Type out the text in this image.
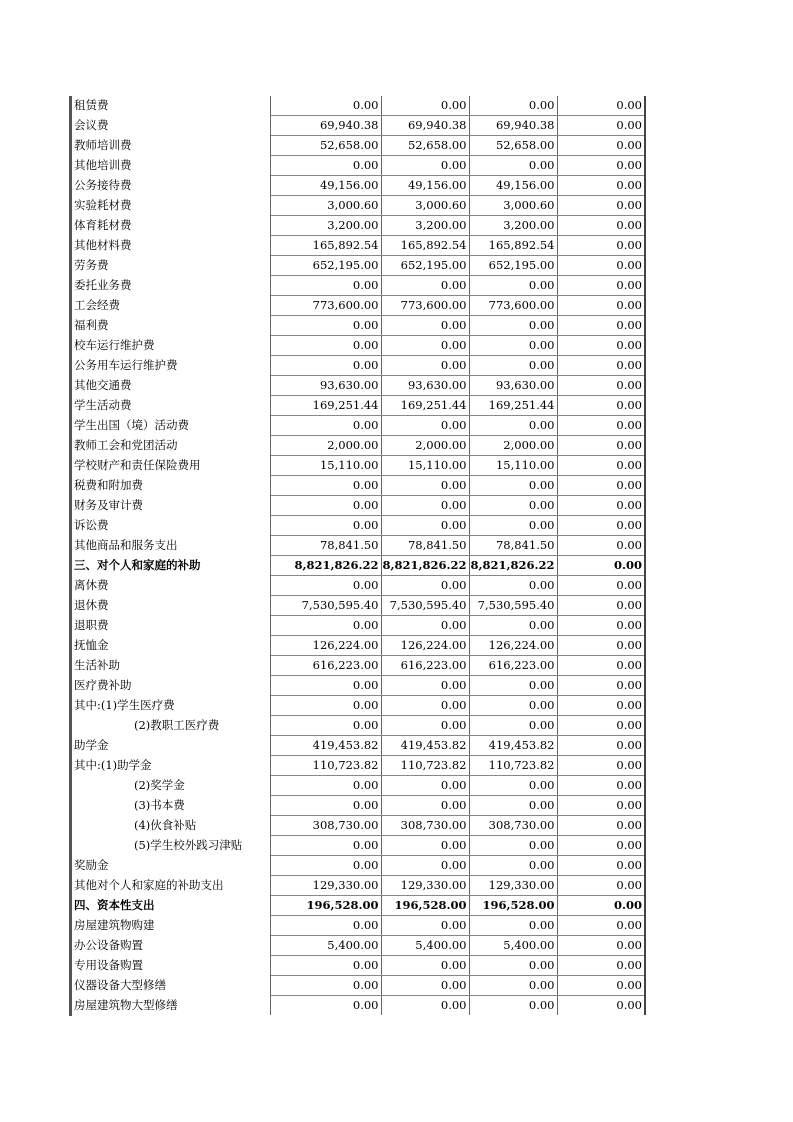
租赁费	0.00	0.00	0.00	0.00
会议费	69,940.38	69,940.38	69,940.38	0.00
教师培训费	52,658.00	52,658.00	52,658.00	0.00
其他培训费	0.00	0.00	0.00	0.00
公务接待费	49,156.00	49,156.00	49,156.00	0.00
实验耗材费	3,000.60	3,000.60	3,000.60	0.00
体育耗材费	3,200.00	3,200.00	3,200.00	0.00
其他材料费	165,892.54	165,892.54	165,892.54	0.00
劳务费	652,195.00	652,195.00	652,195.00	0.00
委托业务费	0.00	0.00	0.00	0.00
工会经费	773,600.00	773,600.00	773,600.00	0.00
福利费	0.00	0.00	0.00	0.00
校车运行维护费	0.00	0.00	0.00	0.00
公务用车运行维护费	0.00	0.00	0.00	0.00
其他交通费	93,630.00	93,630.00	93,630.00	0.00
学生活动费	169,251.44	169,251.44	169,251.44	0.00
学生出国（境）活动费	0.00	0.00	0.00	0.00
教师工会和党团活动	2,000.00	2,000.00	2,000.00	0.00
学校财产和责任保险费用	15,110.00	15,110.00	15,110.00	0.00
税费和附加费	0.00	0.00	0.00	0.00
财务及审计费	0.00	0.00	0.00	0.00
诉讼费	0.00	0.00	0.00	0.00
其他商品和服务支出	78,841.50	78,841.50	78,841.50	0.00
三、对个人和家庭的补助	8,821,826.22	8,821,826.22	8,821,826.22	0.00
离休费	0.00	0.00	0.00	0.00
退休费	7,530,595.40	7,530,595.40	7,530,595.40	0.00
退职费	0.00	0.00	0.00	0.00
抚恤金	126,224.00	126,224.00	126,224.00	0.00
生活补助	616,223.00	616,223.00	616,223.00	0.00
医疗费补助	0.00	0.00	0.00	0.00
其中:(1)学生医疗费	0.00	0.00	0.00	0.00
(2)教职工医疗费	0.00	0.00	0.00	0.00
助学金	419,453.82	419,453.82	419,453.82	0.00
其中:(1)助学金	110,723.82	110,723.82	110,723.82	0.00
(2)奖学金	0.00	0.00	0.00	0.00
(3)书本费	0.00	0.00	0.00	0.00
(4)伙食补贴	308,730.00	308,730.00	308,730.00	0.00
(5)学生校外践习津贴	0.00	0.00	0.00	0.00
奖励金	0.00	0.00	0.00	0.00
其他对个人和家庭的补助支出	129,330.00	129,330.00	129,330.00	0.00
四、资本性支出	196,528.00	196,528.00	196,528.00	0.00
房屋建筑物购建	0.00	0.00	0.00	0.00
办公设备购置	5,400.00	5,400.00	5,400.00	0.00
专用设备购置	0.00	0.00	0.00	0.00
仪器设备大型修缮	0.00	0.00	0.00	0.00
房屋建筑物大型修缮	0.00	0.00	0.00	0.00
